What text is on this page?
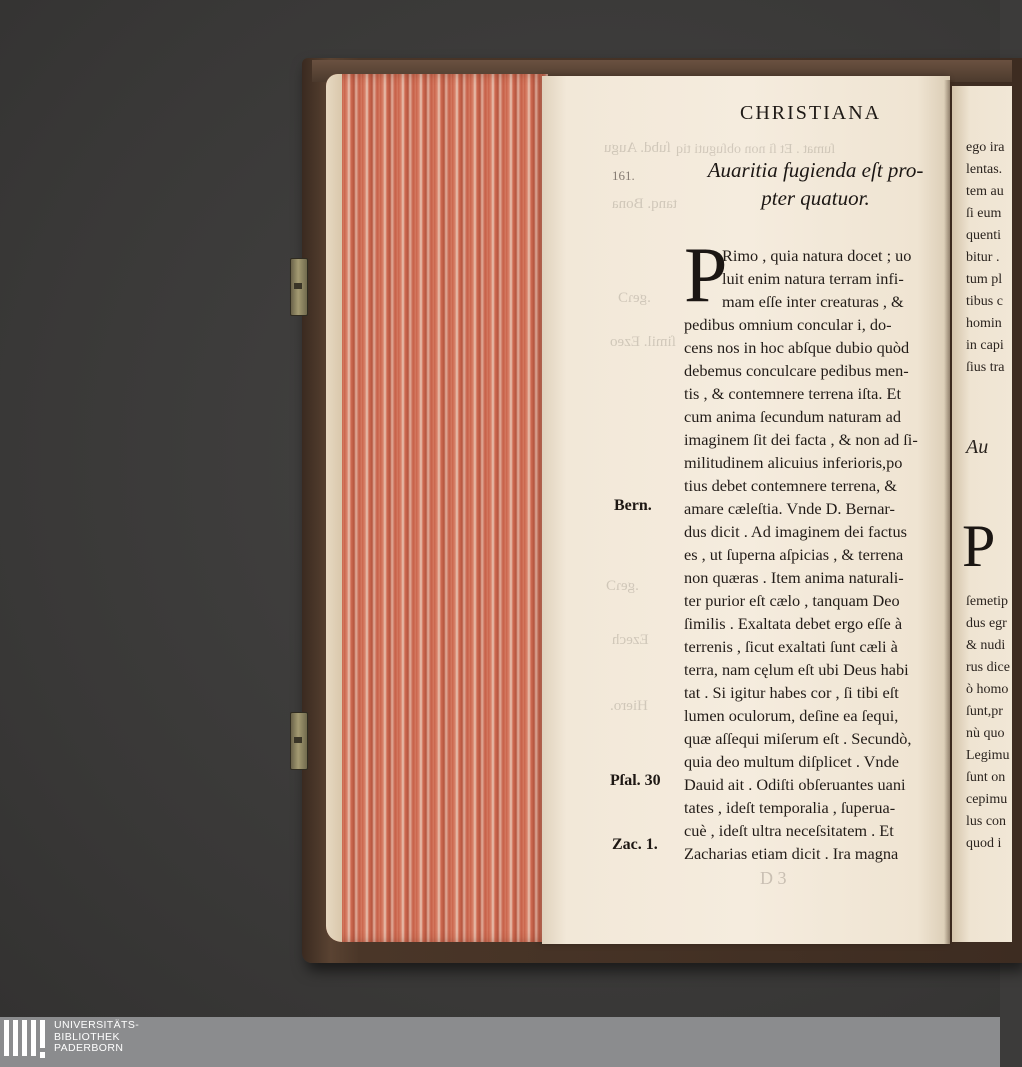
ſubd. Augu
tanq. Bona
.geɿƆ
ſimil. Ezeo
.geɿƆ
Ezech
Hiero.
ſumat . Et ſi non obſuguti tiq
CHRISTIANA
161.	Auaritia fugienda eſt pro-
pter quatuor.
P
Rimo , quia natura docet ; uo
luit enim natura terram infi-
mam eſſe inter creaturas , &
pedibus omnium concular i, do-
cens nos in hoc abſque dubio quòd
debemus conculcare pedibus men-
tis , & contemnere terrena iſta. Et
cum anima ſecundum naturam ad
imaginem ſit dei facta , & non ad ſi-
militudinem alicuius inferioris,po
tius debet contemnere terrena, &
amare cæleſtia. Vnde D. Bernar-
dus dicit . Ad imaginem dei factus
es , ut ſuperna aſpicias , & terrena
non quæras . Item anima naturali-
ter purior eſt cælo , tanquam Deo
ſimilis . Exaltata debet ergo eſſe à
terrenis , ſicut exaltati ſunt cæli à
terra, nam cęlum eſt ubi Deus habi
tat . Si igitur habes cor , ſi tibi eſt
lumen oculorum, deſine ea ſequi,
quæ aſſequi miſerum eſt . Secundò,
quia deo multum diſplicet . Vnde
Dauid ait . Odiſti obſeruantes uani
tates , ideſt temporalia , ſuperua-
cuè , ideſt ultra neceſsitatem . Et
Zacharias etiam dicit . Ira magna
Bern.
Pſal. 30
Zac. 1.
D 3
ego ira
lentas.
tem au
ſi eum
quenti
bitur .
tum pl
tibus c
homin
in capi
ſius tra
Au
P
ſemetip
dus egr
& nudi
rus dice
ò homo
ſunt,pr
nù quo
Legimu
ſunt on
cepimu
lus con
quod i
UNIVERSITÄTS-
BIBLIOTHEK
PADERBORN
